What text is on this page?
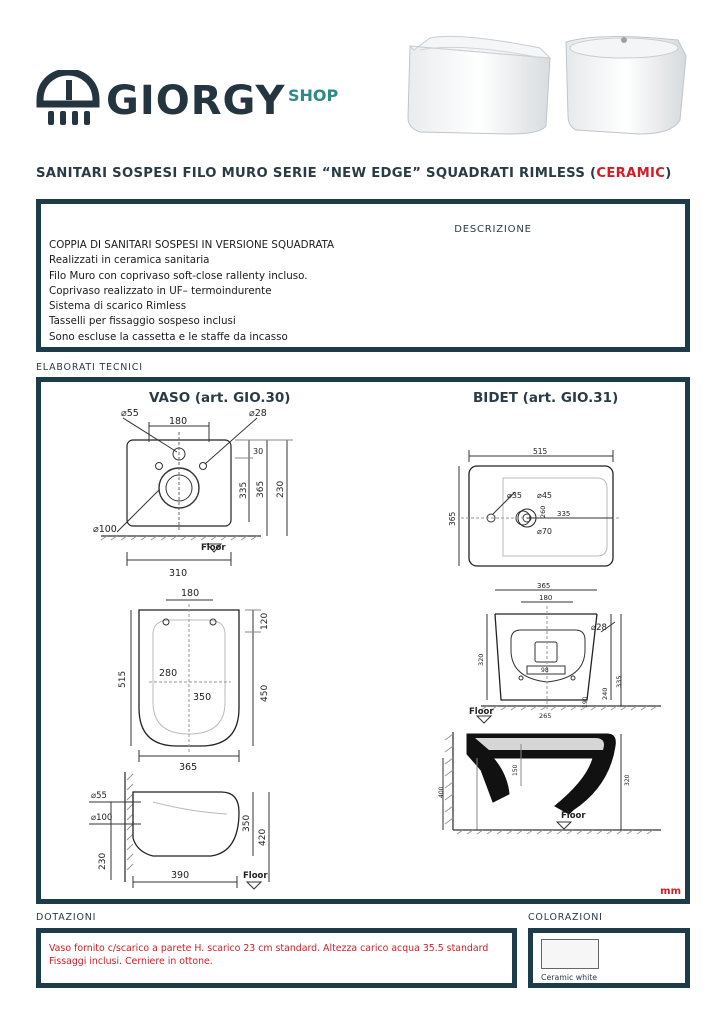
GIORGY SHOP
SANITARI SOSPESI FILO MURO SERIE “NEW EDGE” SQUADRATI RIMLESS (CERAMIC)
DESCRIZIONE
COPPIA DI SANITARI SOSPESI IN VERSIONE SQUADRATA
Realizzati in ceramica sanitaria
Filo Muro con coprivaso soft-close rallenty incluso.
Coprivaso realizzato in UF– termoindurente
Sistema di scarico Rimless
Tasselli per fissaggio sospeso inclusi
Sono escluse la cassetta e le staffe da incasso
ELABORATI TECNICI
VASO (art. GIO.30)	BIDET (art. GIO.31)
⌀55	⌀28
180
⌀100
30
335 365 230
310
Floor
180
120
515	280
350	450
365
⌀55
⌀100	350
420
230
390	Floor
515
365
⌀35 ⌀45
⌀70
260 335
365
180
⌀28
320
335
240
190
98
265
Floor
150
400
320
Floor
mm
DOTAZIONI
Vaso fornito c/scarico a parete H. scarico 23 cm standard. Altezza carico acqua 35.5 standard
Fissaggi inclusi. Cerniere in ottone.
COLORAZIONI
Ceramic white
